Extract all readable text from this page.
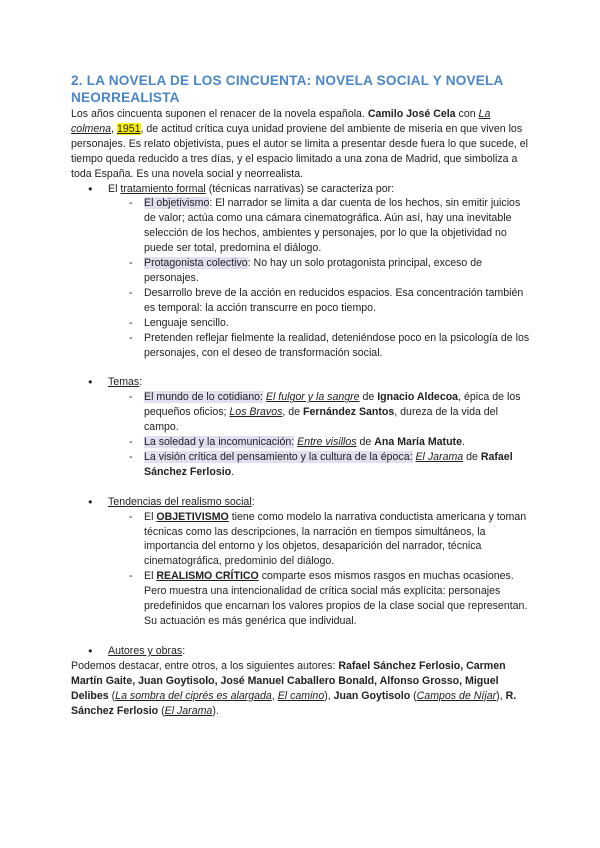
2. LA NOVELA DE LOS CINCUENTA: NOVELA SOCIAL Y NOVELA NEORREALISTA

Los años cincuenta suponen el renacer de la novela española. Camilo José Cela con La colmena, 1951, de actitud crítica cuya unidad proviene del ambiente de miseria en que viven los personajes. Es relato objetivista, pues el autor se limita a presentar desde fuera lo que sucede, el tiempo queda reducido a tres días, y el espacio limitado a una zona de Madrid, que simboliza a toda España. Es una novela social y neorrealista.

● El tratamiento formal (técnicas narrativas) se caracteriza por:
- El objetivismo: El narrador se limita a dar cuenta de los hechos, sin emitir juicios de valor; actúa como una cámara cinematográfica. Aún así, hay una inevitable selección de los hechos, ambientes y personajes, por lo que la objetividad no puede ser total, predomina el diálogo.
- Protagonista colectivo: No hay un solo protagonista principal, exceso de personajes.
- Desarrollo breve de la acción en reducidos espacios. Esa concentración también es temporal: la acción transcurre en poco tiempo.
- Lenguaje sencillo.
- Pretenden reflejar fielmente la realidad, deteniéndose poco en la psicología de los personajes, con el deseo de transformación social.
● Temas:
- El mundo de lo cotidiano: El fulgor y la sangre de Ignacio Aldecoa, épica de los pequeños oficios; Los Bravos, de Fernández Santos, dureza de la vida del campo.
- La soledad y la incomunicación: Entre visillos de Ana María Matute.
- La visión crítica del pensamiento y la cultura de la época: El Jarama de Rafael Sánchez Ferlosio.
● Tendencias del realismo social:
- El OBJETIVISMO tiene como modelo la narrativa conductista americana y toman técnicas como las descripciones, la narración en tiempos simultáneos, la importancia del entorno y los objetos, desaparición del narrador, técnica cinematográfica, predominio del diálogo.
- El REALISMO CRÍTICO comparte esos mismos rasgos en muchas ocasiones. Pero muestra una intencionalidad de crítica social más explícita: personajes predefinidos que encarnan los valores propios de la clase social que representan. Su actuación es más genérica que individual.
● Autores y obras:

Podemos destacar, entre otros, a los siguientes autores: Rafael Sánchez Ferlosio, Carmen Martín Gaite, Juan Goytisolo, José Manuel Caballero Bonald, Alfonso Grosso, Miguel Delibes (La sombra del ciprés es alargada, El camino), Juan Goytisolo (Campos de Níjar), R. Sánchez Ferlosio (El Jarama).
